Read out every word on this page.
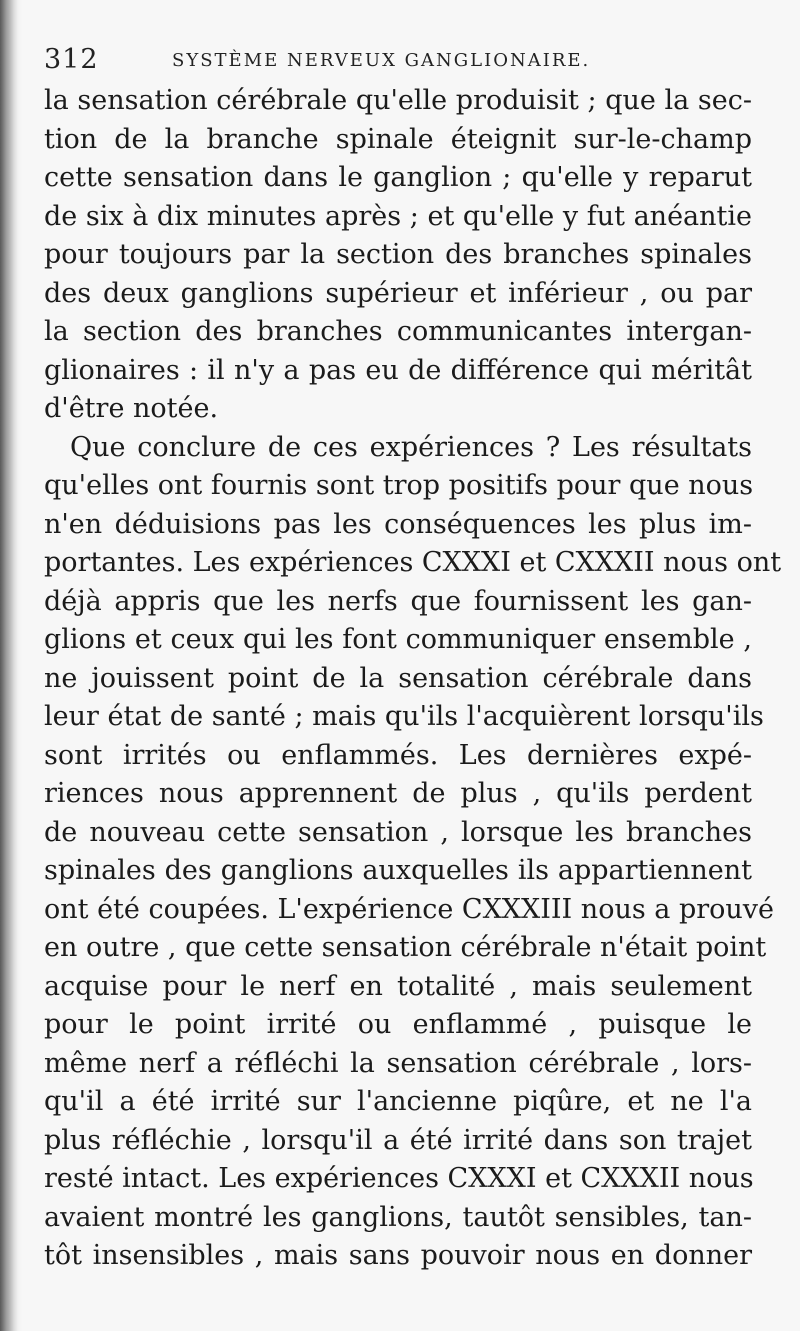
312	SYSTÈME NERVEUX GANGLIONAIRE.
la sensation cérébrale qu'elle produisit ; que la sec-
tion de la branche spinale éteignit sur-le-champ
cette sensation dans le ganglion ; qu'elle y reparut
de six à dix minutes après ; et qu'elle y fut anéantie
pour toujours par la section des branches spinales
des deux ganglions supérieur et inférieur , ou par
la section des branches communicantes intergan-
glionaires : il n'y a pas eu de différence qui méritât
d'être notée.
Que conclure de ces expériences ? Les résultats
qu'elles ont fournis sont trop positifs pour que nous
n'en déduisions pas les conséquences les plus im-
portantes. Les expériences CXXXI et CXXXII nous ont
déjà appris que les nerfs que fournissent les gan-
glions et ceux qui les font communiquer ensemble ,
ne jouissent point de la sensation cérébrale dans
leur état de santé ; mais qu'ils l'acquièrent lorsqu'ils
sont irrités ou enflammés. Les dernières expé-
riences nous apprennent de plus , qu'ils perdent
de nouveau cette sensation , lorsque les branches
spinales des ganglions auxquelles ils appartiennent
ont été coupées. L'expérience CXXXIII nous a prouvé
en outre , que cette sensation cérébrale n'était point
acquise pour le nerf en totalité , mais seulement
pour le point irrité ou enflammé , puisque le
même nerf a réfléchi la sensation cérébrale , lors-
qu'il a été irrité sur l'ancienne piqûre, et ne l'a
plus réfléchie , lorsqu'il a été irrité dans son trajet
resté intact. Les expériences CXXXI et CXXXII nous
avaient montré les ganglions, tautôt sensibles, tan-
tôt insensibles , mais sans pouvoir nous en donner
